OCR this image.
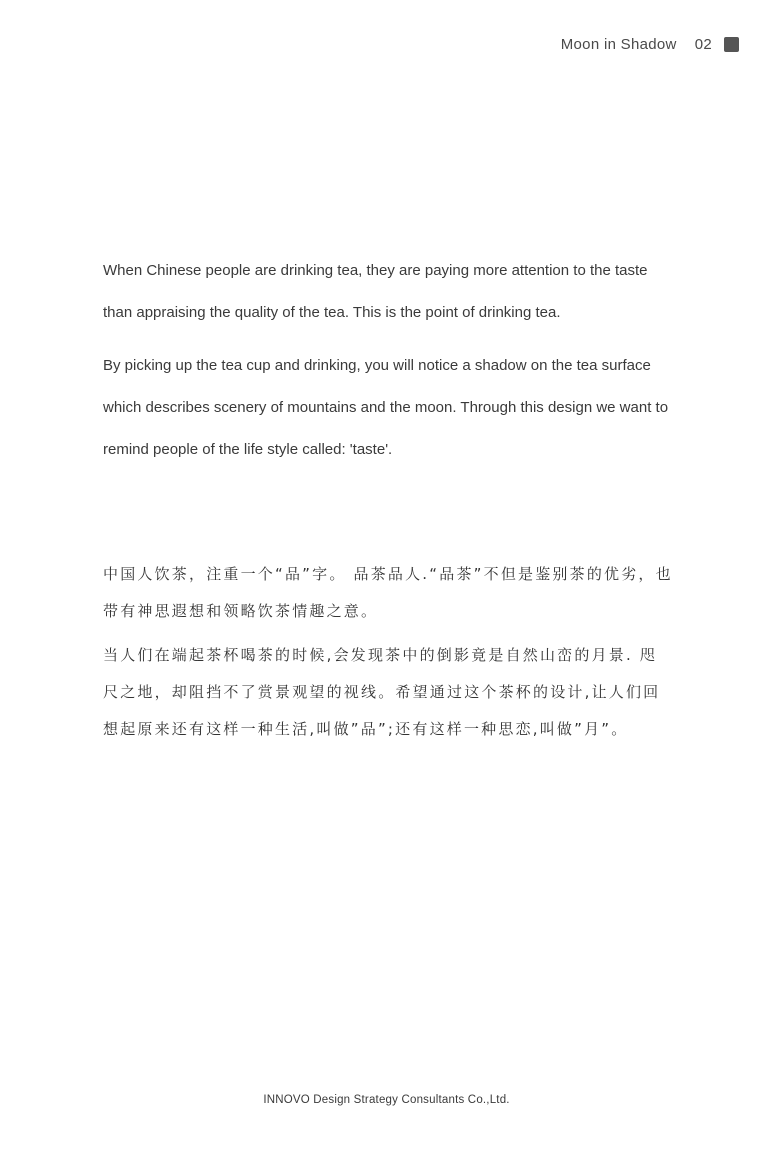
Moon in Shadow 02

When Chinese people are drinking tea, they are paying more attention to the taste than appraising the quality of the tea. This is the point of drinking tea.

By picking up the tea cup and drinking, you will notice a shadow on the tea surface which describes scenery of mountains and the moon. Through this design we want to remind people of the life style called: 'taste'.

中国人饮茶，注重一个“品”字。 品茶品人.“品茶”不但是鉴别茶的优劣，也带有神思遐想和领略饮茶情趣之意。

当人们在端起茶杯喝茶的时候,会发现茶中的倒影竟是自然山峦的月景. 咫尺之地，却阻挡不了赏景观望的视线。希望通过这个茶杯的设计,让人们回想起原来还有这样一种生活,叫做”品”;还有这样一种思恋,叫做”月”。

INNOVO Design Strategy Consultants Co.,Ltd.
